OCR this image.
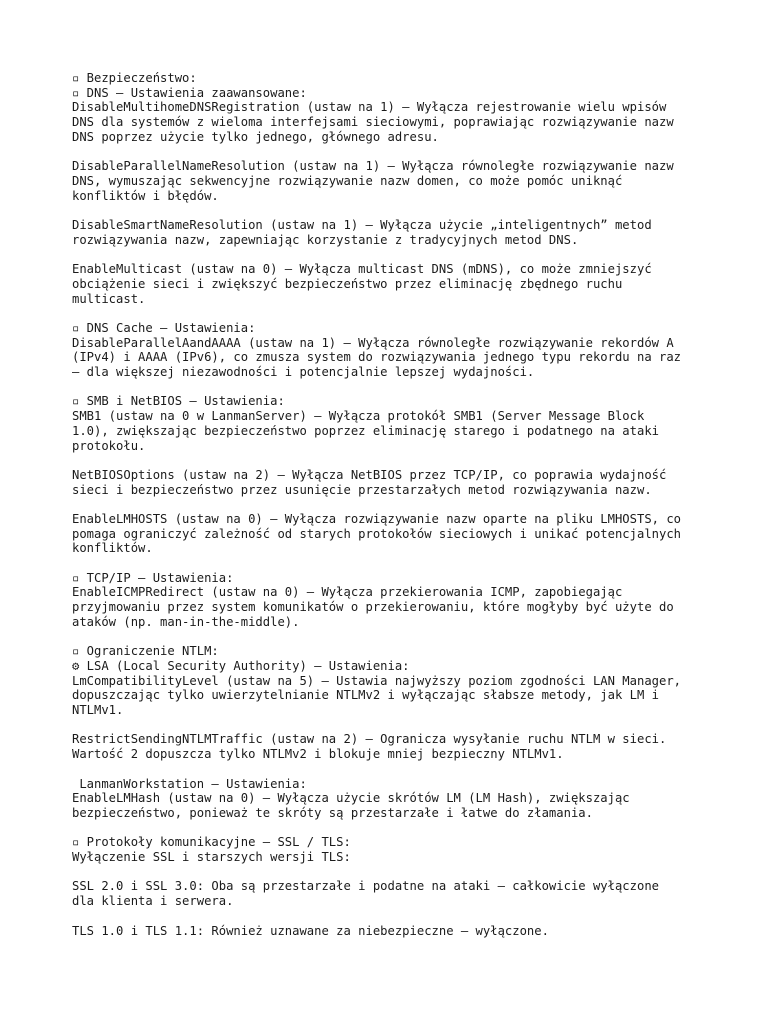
▫ Bezpieczeństwo:
▫ DNS – Ustawienia zaawansowane:
DisableMultihomeDNSRegistration (ustaw na 1) – Wyłącza rejestrowanie wielu wpisów
DNS dla systemów z wieloma interfejsami sieciowymi, poprawiając rozwiązywanie nazw
DNS poprzez użycie tylko jednego, głównego adresu.
DisableParallelNameResolution (ustaw na 1) – Wyłącza równoległe rozwiązywanie nazw
DNS, wymuszając sekwencyjne rozwiązywanie nazw domen, co może pomóc uniknąć
konfliktów i błędów.
DisableSmartNameResolution (ustaw na 1) – Wyłącza użycie „inteligentnych” metod
rozwiązywania nazw, zapewniając korzystanie z tradycyjnych metod DNS.
EnableMulticast (ustaw na 0) – Wyłącza multicast DNS (mDNS), co może zmniejszyć
obciążenie sieci i zwiększyć bezpieczeństwo przez eliminację zbędnego ruchu
multicast.
▫ DNS Cache – Ustawienia:
DisableParallelAandAAAA (ustaw na 1) – Wyłącza równoległe rozwiązywanie rekordów A
(IPv4) i AAAA (IPv6), co zmusza system do rozwiązywania jednego typu rekordu na raz
– dla większej niezawodności i potencjalnie lepszej wydajności.
▫ SMB i NetBIOS – Ustawienia:
SMB1 (ustaw na 0 w LanmanServer) – Wyłącza protokół SMB1 (Server Message Block
1.0), zwiększając bezpieczeństwo poprzez eliminację starego i podatnego na ataki
protokołu.
NetBIOSOptions (ustaw na 2) – Wyłącza NetBIOS przez TCP/IP, co poprawia wydajność
sieci i bezpieczeństwo przez usunięcie przestarzałych metod rozwiązywania nazw.
EnableLMHOSTS (ustaw na 0) – Wyłącza rozwiązywanie nazw oparte na pliku LMHOSTS, co
pomaga ograniczyć zależność od starych protokołów sieciowych i unikać potencjalnych
konfliktów.
▫ TCP/IP – Ustawienia:
EnableICMPRedirect (ustaw na 0) – Wyłącza przekierowania ICMP, zapobiegając
przyjmowaniu przez system komunikatów o przekierowaniu, które mogłyby być użyte do
ataków (np. man-in-the-middle).
▫ Ograniczenie NTLM:
⚙ LSA (Local Security Authority) – Ustawienia:
LmCompatibilityLevel (ustaw na 5) – Ustawia najwyższy poziom zgodności LAN Manager,
dopuszczając tylko uwierzytelnianie NTLMv2 i wyłączając słabsze metody, jak LM i
NTLMv1.
RestrictSendingNTLMTraffic (ustaw na 2) – Ogranicza wysyłanie ruchu NTLM w sieci.
Wartość 2 dopuszcza tylko NTLMv2 i blokuje mniej bezpieczny NTLMv1.
LanmanWorkstation – Ustawienia:
EnableLMHash (ustaw na 0) – Wyłącza użycie skrótów LM (LM Hash), zwiększając
bezpieczeństwo, ponieważ te skróty są przestarzałe i łatwe do złamania.
▫ Protokoły komunikacyjne – SSL / TLS:
Wyłączenie SSL i starszych wersji TLS:
SSL 2.0 i SSL 3.0: Oba są przestarzałe i podatne na ataki – całkowicie wyłączone
dla klienta i serwera.
TLS 1.0 i TLS 1.1: Również uznawane za niebezpieczne – wyłączone.
